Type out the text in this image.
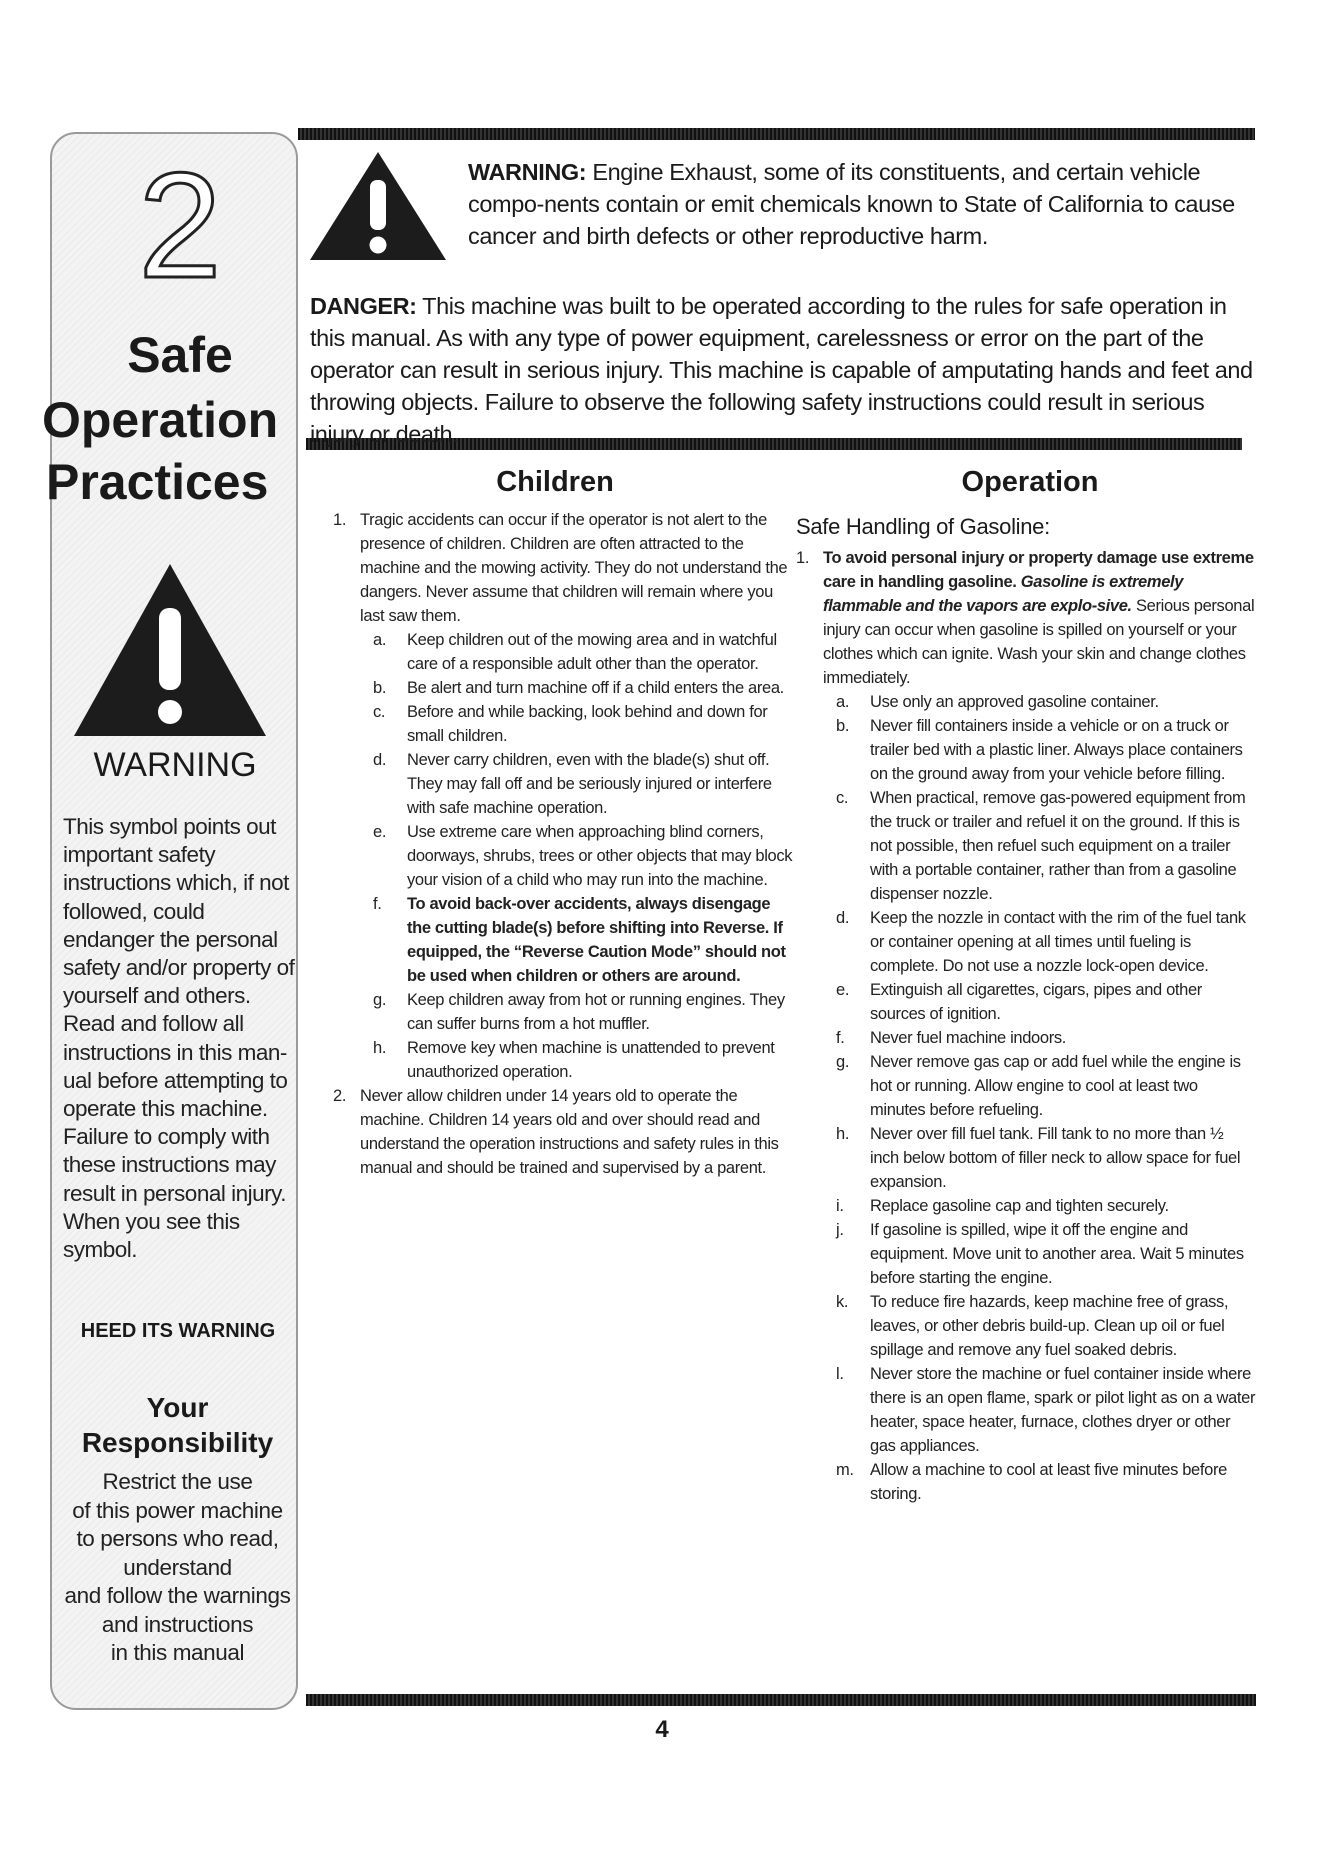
2
Safe
Operation
Practices
WARNING
This symbol points out important safety instructions which, if not followed, could endanger the personal safety and/or property of yourself and others. Read and follow all instructions in this man-ual before attempting to operate this machine. Failure to comply with these instructions may result in personal injury. When you see this symbol.
HEED ITS WARNING
Your
Responsibility
Restrict the use
of this power machine
to persons who read,
understand
and follow the warnings
and instructions
in this manual
WARNING: Engine Exhaust, some of its constituents, and certain vehicle compo-nents contain or emit chemicals known to State of California to cause cancer and birth defects or other reproductive harm.
DANGER: This machine was built to be operated according to the rules for safe operation in this manual. As with any type of power equipment, carelessness or error on the part of the operator can result in serious injury. This machine is capable of amputating hands and feet and throwing objects. Failure to observe the following safety instructions could result in serious injury or death.
Children
1. Tragic accidents can occur if the operator is not alert to the presence of children. Children are often attracted to the machine and the mowing activity. They do not understand the dangers. Never assume that children will remain where you last saw them.
a. Keep children out of the mowing area and in watchful care of a responsible adult other than the operator.
b. Be alert and turn machine off if a child enters the area.
c. Before and while backing, look behind and down for small children.
d. Never carry children, even with the blade(s) shut off. They may fall off and be seriously injured or interfere with safe machine operation.
e. Use extreme care when approaching blind corners, doorways, shrubs, trees or other objects that may block your vision of a child who may run into the machine.
f. To avoid back-over accidents, always disengage the cutting blade(s) before shifting into Reverse. If equipped, the “Reverse Caution Mode” should not be used when children or others are around.
g. Keep children away from hot or running engines. They can suffer burns from a hot muffler.
h. Remove key when machine is unattended to prevent unauthorized operation.
2. Never allow children under 14 years old to operate the machine. Children 14 years old and over should read and understand the operation instructions and safety rules in this manual and should be trained and supervised by a parent.
Operation
Safe Handling of Gasoline:
1. To avoid personal injury or property damage use extreme care in handling gasoline. Gasoline is extremely flammable and the vapors are explo-sive. Serious personal injury can occur when gasoline is spilled on yourself or your clothes which can ignite. Wash your skin and change clothes immediately.
a. Use only an approved gasoline container.
b. Never fill containers inside a vehicle or on a truck or trailer bed with a plastic liner. Always place containers on the ground away from your vehicle before filling.
c. When practical, remove gas-powered equipment from the truck or trailer and refuel it on the ground. If this is not possible, then refuel such equipment on a trailer with a portable container, rather than from a gasoline dispenser nozzle.
d. Keep the nozzle in contact with the rim of the fuel tank or container opening at all times until fueling is complete. Do not use a nozzle lock-open device.
e. Extinguish all cigarettes, cigars, pipes and other sources of ignition.
f. Never fuel machine indoors.
g. Never remove gas cap or add fuel while the engine is hot or running. Allow engine to cool at least two minutes before refueling.
h. Never over fill fuel tank. Fill tank to no more than ½ inch below bottom of filler neck to allow space for fuel expansion.
i. Replace gasoline cap and tighten securely.
j. If gasoline is spilled, wipe it off the engine and equipment. Move unit to another area. Wait 5 minutes before starting the engine.
k. To reduce fire hazards, keep machine free of grass, leaves, or other debris build-up. Clean up oil or fuel spillage and remove any fuel soaked debris.
l. Never store the machine or fuel container inside where there is an open flame, spark or pilot light as on a water heater, space heater, furnace, clothes dryer or other gas appliances.
m. Allow a machine to cool at least five minutes before storing.
4
